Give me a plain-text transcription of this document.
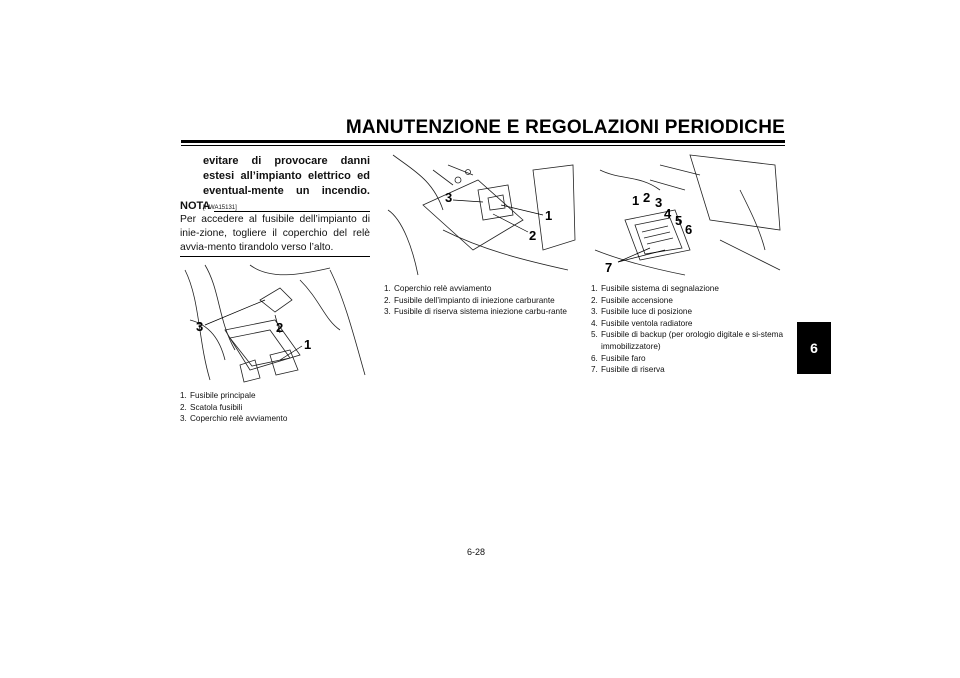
MANUTENZIONE E REGOLAZIONI PERIODICHE
6
evitare di provocare danni estesi all’impianto elettrico ed eventual-mente un incendio. [HWA15131]
NOTA
Per accedere al fusibile dell’impianto di inie-zione, togliere il coperchio del relè avvia-mento tirandolo verso l’alto.
3	2
1
1. Fusibile principale
2. Scatola fusibili
3. Coperchio relè avviamento
3
1
2
1. Coperchio relè avviamento
2. Fusibile dell’impianto di iniezione carburante
3. Fusibile di riserva sistema iniezione carbu-rante
1 2 3
4 5
6
7
1. Fusibile sistema di segnalazione
2. Fusibile accensione
3. Fusibile luce di posizione
4. Fusibile ventola radiatore
5. Fusibile di backup (per orologio digitale e si-stema immobilizzatore)
6. Fusibile faro
7. Fusibile di riserva
6-28
